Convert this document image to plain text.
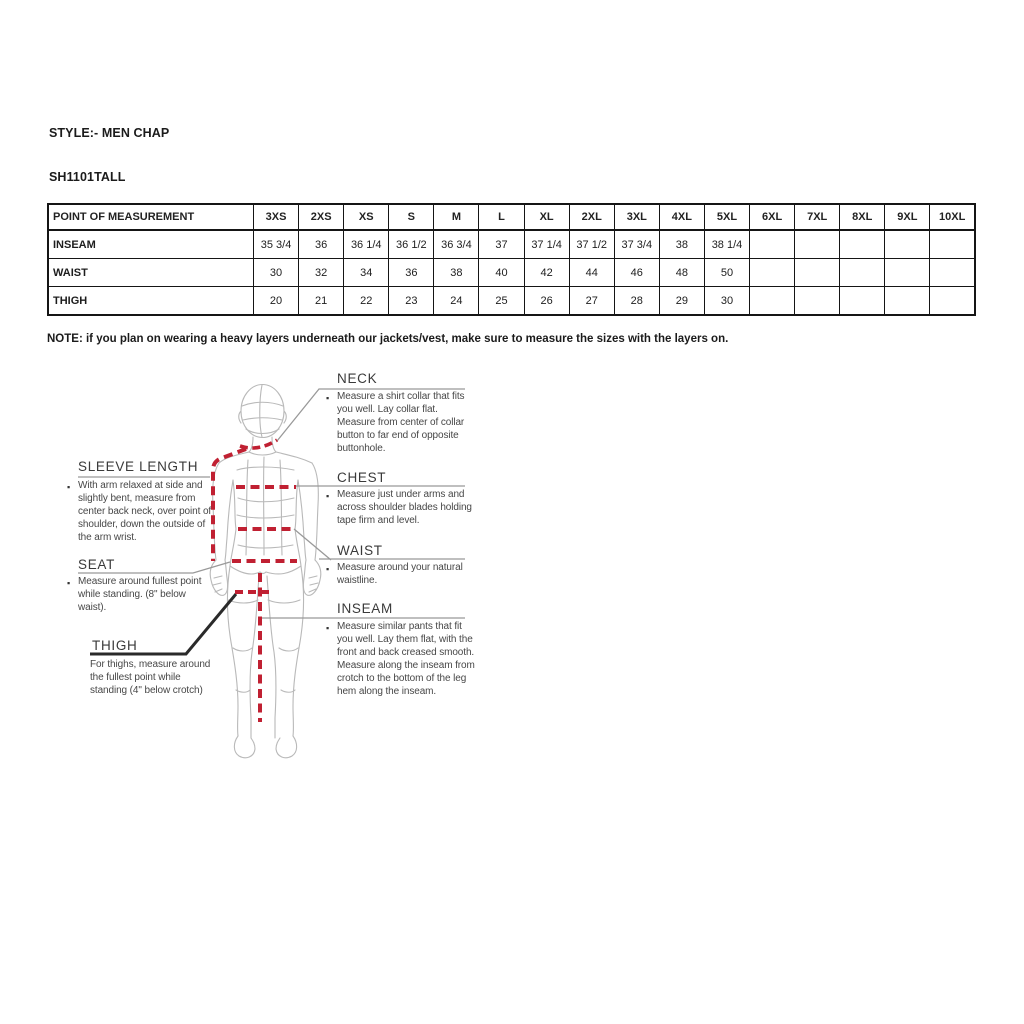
STYLE:- MEN CHAP
SH1101TALL
POINT OF MEASUREMENT	3XS	2XS	XS	S	M	L	XL	2XL	3XL	4XL	5XL	6XL	7XL	8XL	9XL	10XL
INSEAM	35 3/4	36	36 1/4	36 1/2	36 3/4	37	37 1/4	37 1/2	37 3/4	38	38 1/4					
WAIST	30	32	34	36	38	40	42	44	46	48	50					
THIGH	20	21	22	23	24	25	26	27	28	29	30					
NOTE: if you plan on wearing a heavy layers underneath our jackets/vest, make sure to measure the sizes with the layers on.
NECK
▪ Measure a shirt collar that fits you well. Lay collar flat. Measure from center of collar button to far end of opposite buttonhole.
CHEST
▪ Measure just under arms and across shoulder blades holding tape firm and level.
WAIST
▪ Measure around your natural waistline.
INSEAM
▪ Measure similar pants that fit you well. Lay them flat, with the front and back creased smooth. Measure along the inseam from crotch to the bottom of the leg hem along the inseam.
SLEEVE LENGTH
▪ With arm relaxed at side and slightly bent, measure from center back neck, over point of shoulder, down the outside of the arm wrist.
SEAT
▪ Measure around fullest point while standing. (8" below waist).
THIGH
For thighs, measure around the fullest point while standing (4" below crotch)
